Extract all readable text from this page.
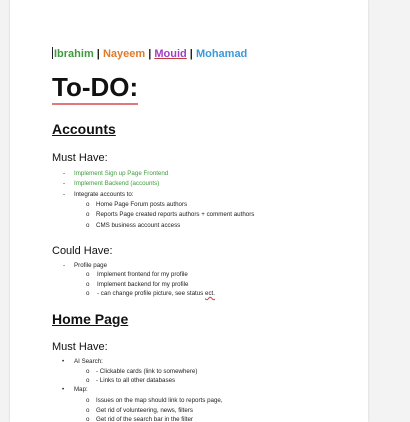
Ibrahim | Nayeem | Mouid | Mohamad
To-DO:
Accounts
Must Have:
- Implement Sign up Page Frontend
- Implement Backend (accounts)
- Integrate accounts to:
o Home Page Forum posts authors
o Reports Page created reports authors + comment authors
o CMS business account access
Could Have:
- Profile page
o Implement frontend for my profile
o Implement backend for my profile
o - can change profile picture, see status ect.
Home Page
Must Have:
• AI Search:
o - Clickable cards (link to somewhere)
o - Links to all other databases
• Map:
o Issues on the map should link to reports page,
o Get rid of volunteering, news, filters
o Get rid of the search bar in the filter
